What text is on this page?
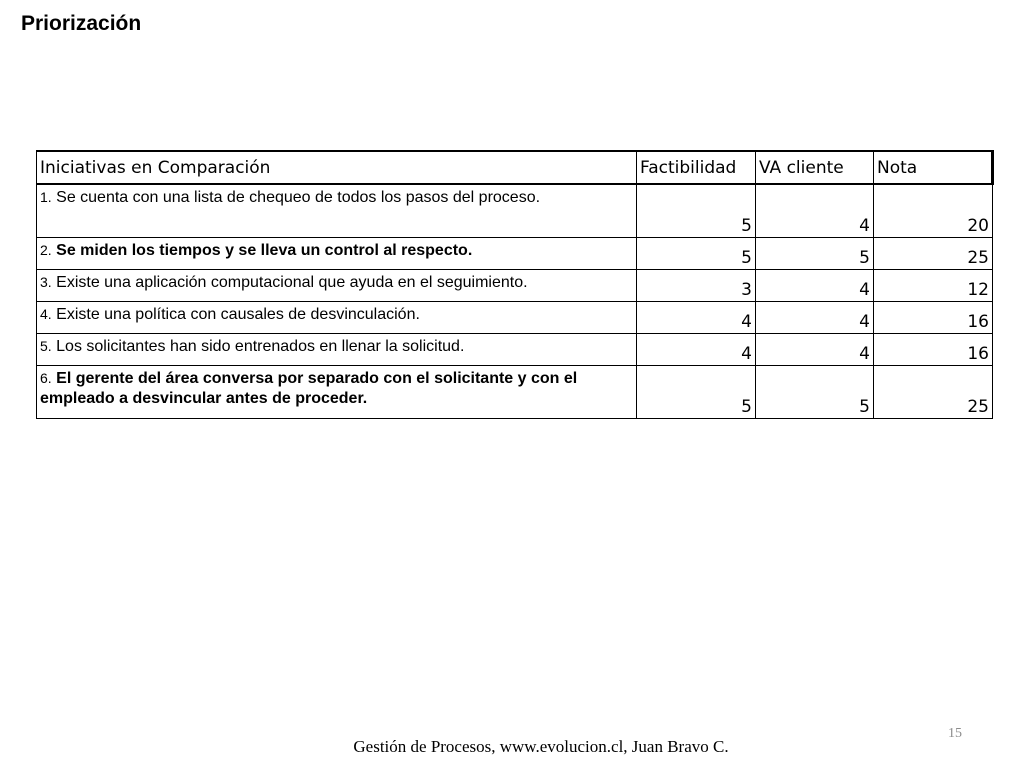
Priorización
Iniciativas en Comparación	Factibilidad	VA cliente	Nota
1. Se cuenta con una lista de chequeo de todos los pasos del proceso.	5	4	20
2. Se miden los tiempos y se lleva un control al respecto.	5	5	25
3. Existe una aplicación computacional que ayuda en el seguimiento.	3	4	12
4. Existe una política con causales de desvinculación.	4	4	16
5. Los solicitantes han sido entrenados en llenar la solicitud.	4	4	16
6. El gerente del área conversa por separado con el solicitante y con el empleado a desvincular antes de proceder.	5	5	25
15
Gestión de Procesos, www.evolucion.cl, Juan Bravo C.
